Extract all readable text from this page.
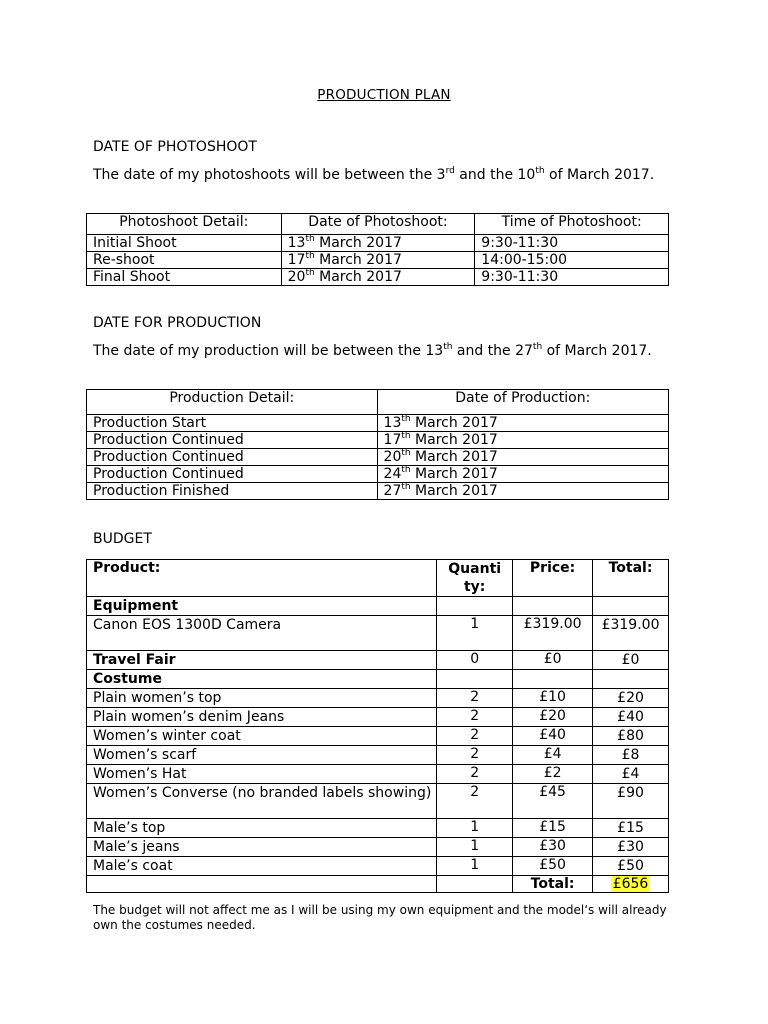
PRODUCTION PLAN
DATE OF PHOTOSHOOT
The date of my photoshoots will be between the 3rd and the 10th of March 2017.
Photoshoot Detail:	Date of Photoshoot:	Time of Photoshoot:
Initial Shoot	13th March 2017	9:30-11:30
Re-shoot	17th March 2017	14:00-15:00
Final Shoot	20th March 2017	9:30-11:30
DATE FOR PRODUCTION
The date of my production will be between the 13th and the 27th of March 2017.
Production Detail:	Date of Production:
Production Start	13th March 2017
Production Continued	17th March 2017
Production Continued	20th March 2017
Production Continued	24th March 2017
Production Finished	27th March 2017
BUDGET
Product:	Quanti ty:	Price:	Total:
Equipment			
Canon EOS 1300D Camera	1	£319.00	£319.00
Travel Fair	0	£0	£0
Costume			
Plain women’s top	2	£10	£20
Plain women’s denim Jeans	2	£20	£40
Women’s winter coat	2	£40	£80
Women’s scarf	2	£4	£8
Women’s Hat	2	£2	£4
Women’s Converse (no branded labels showing)	2	£45	£90
Male’s top	1	£15	£15
Male’s jeans	1	£30	£30
Male’s coat	1	£50	£50
		Total:	£656
The budget will not affect me as I will be using my own equipment and the model‘s will already own the costumes needed.
